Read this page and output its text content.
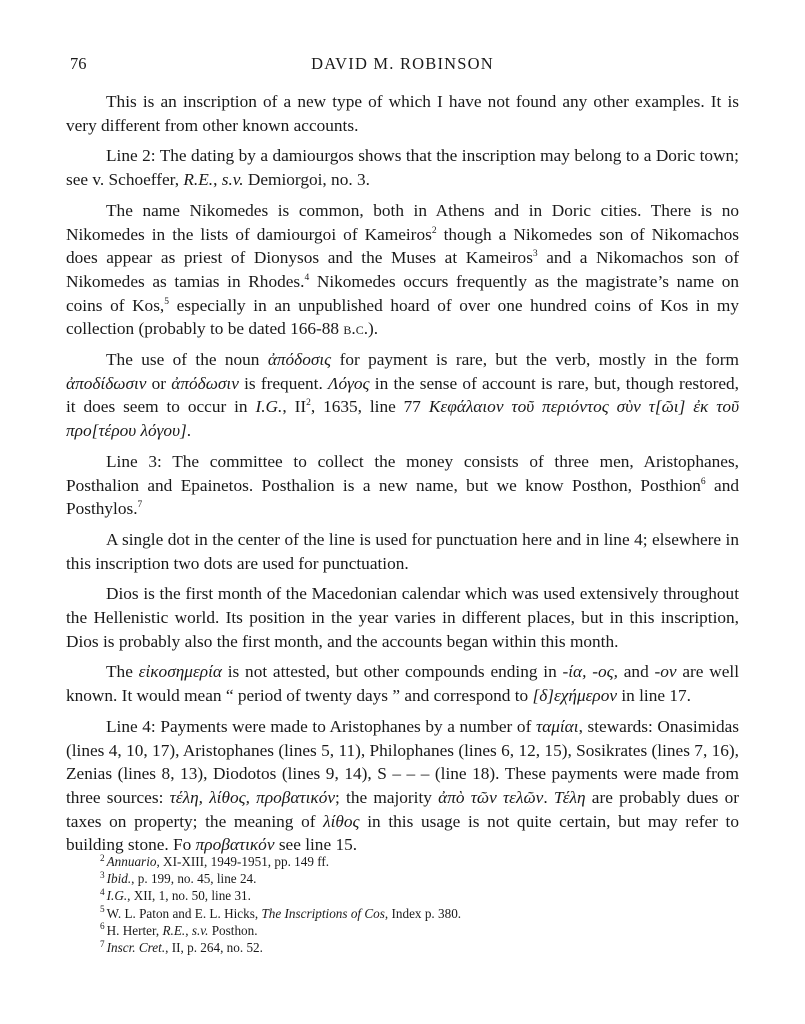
76	DAVID M. ROBINSON

This is an inscription of a new type of which I have not found any other examples. It is very different from other known accounts.

Line 2: The dating by a damiourgos shows that the inscription may belong to a Doric town; see v. Schoeffer, R.E., s.v. Demiorgoi, no. 3.

The name Nikomedes is common, both in Athens and in Doric cities. There is no Nikomedes in the lists of damiourgoi of Kameiros$^2$ though a Nikomedes son of Nikomachos does appear as priest of Dionysos and the Muses at Kameiros$^3$ and a Nikomachos son of Nikomedes as tamias in Rhodes.$^4$ Nikomedes occurs frequently as the magistrate’s name on coins of Kos,$^5$ especially in an unpublished hoard of over one hundred coins of Kos in my collection (probably to be dated 166-88 b.c.).

The use of the noun ἀπόδοσις for payment is rare, but the verb, mostly in the form ἀποδίδωσιν or ἀπόδωσιν is frequent. Λόγος in the sense of account is rare, but, though restored, it does seem to occur in I.G., $II^2$, 1635, line 77 Κεφάλαιον τοῦ περιόντος σὺν τ[ῶι] ἐκ τοῦ προ[τέρου λόγου].

Line 3: The committee to collect the money consists of three men, Aristophanes, Posthalion and Epainetos. Posthalion is a new name, but we know Posthon, Posthion$^6$ and Posthylos.$^7$

A single dot in the center of the line is used for punctuation here and in line 4; elsewhere in this inscription two dots are used for punctuation.

Dios is the first month of the Macedonian calendar which was used extensively throughout the Hellenistic world. Its position in the year varies in different places, but in this inscription, Dios is probably also the first month, and the accounts began within this month.

The εἰκοσημερία is not attested, but other compounds ending in -ία, -ος, and -ον are well known. It would mean “ period of twenty days ” and correspond to [δ]εχήμερον in line 17.

Line 4: Payments were made to Aristophanes by a number of ταμίαι, stewards: Onasimidas (lines 4, 10, 17), Aristophanes (lines 5, 11), Philophanes (lines 6, 12, 15), Sosikrates (lines 7, 16), Zenias (lines 8, 13), Diodotos (lines 9, 14), S – – – (line 18). These payments were made from three sources: τέλη, λίθος, προβατικόν; the majority ἀπὸ τῶν τελῶν. Τέλη are probably dues or taxes on property; the meaning of λίθος in this usage is not quite certain, but may refer to building stone. Fo προβατικόν see line 15.

$^2$ Annuario, XI-XIII, 1949-1951, pp. 149 ff.

$^3$ Ibid., p. 199, no. 45, line 24.

$^4$ I.G., XII, 1, no. 50, line 31.

$^5$ W. L. Paton and E. L. Hicks, The Inscriptions of Cos, Index p. 380.

$^6$ H. Herter, R.E., s.v. Posthon.

$^7$ Inscr. Cret., II, p. 264, no. 52.
